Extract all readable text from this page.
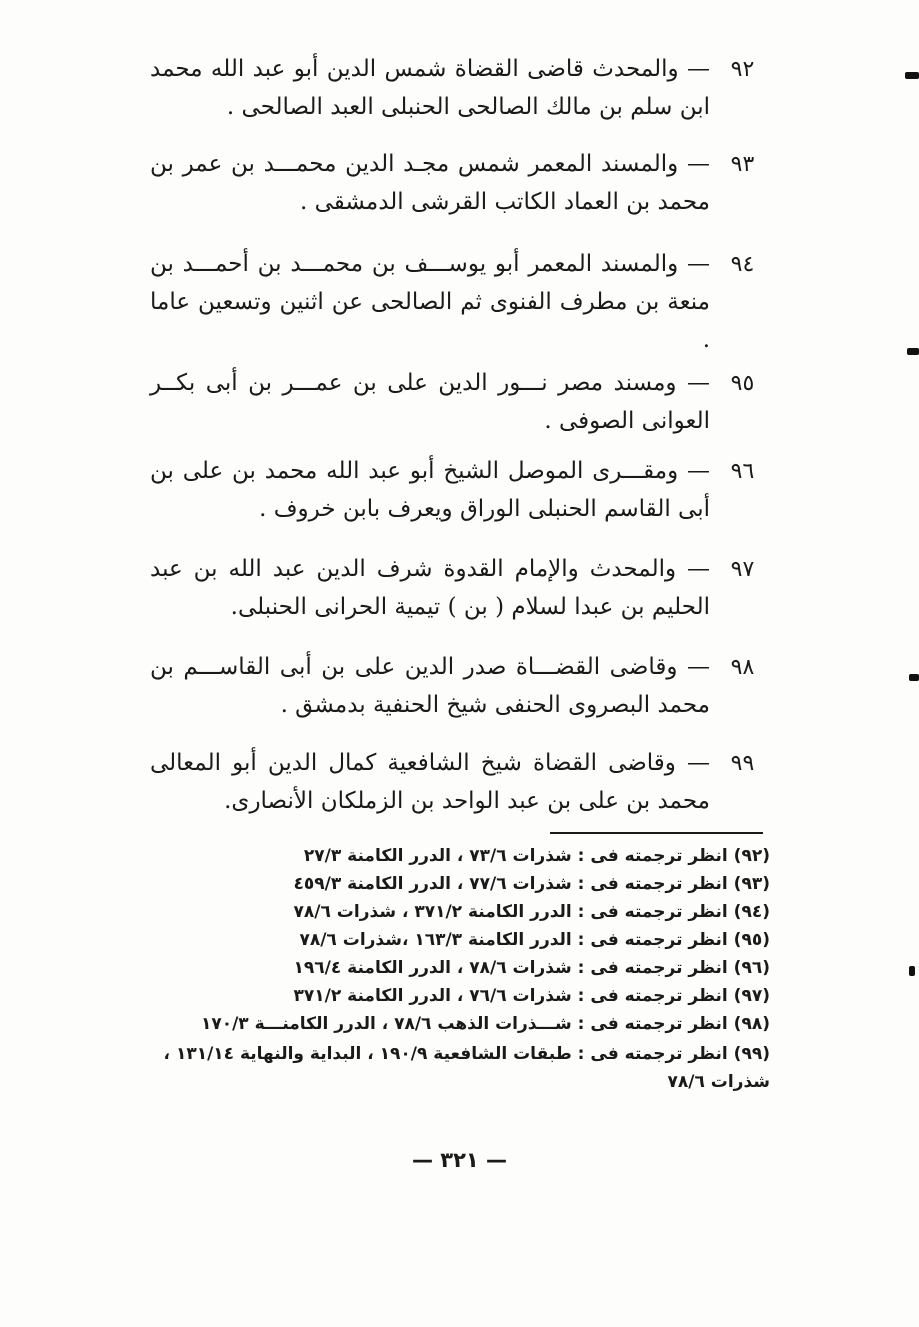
٩٢
— والمحدث قاضى القضاة شمس الدين أبو عبد الله محمد ابن سلم بن مالك الصالحى الحنبلى العبد الصالحى .
٩٣
— والمسند المعمر شمس مجـد الدين محمـــد بن عمر بن محمد بن العماد الكاتب القرشى الدمشقى .
٩٤
— والمسند المعمر أبو يوســـف بن محمـــد بن أحمـــد بن منعة بن مطرف الفنوى ثم الصالحى عن اثنين وتسعين عاما .
٩٥
— ومسند مصر نـــور الدين على بن عمـــر بن أبى بكــر العوانى الصوفى .
٩٦
— ومقـــرى الموصل الشيخ أبو عبد الله محمد بن على بن أبى القاسم الحنبلى الوراق ويعرف بابن خروف .
٩٧
— والمحدث والإمام القدوة شرف الدين عبد الله بن عبد الحليم بن عبدا لسلام ( بن ) تيمية الحرانى الحنبلى.
٩٨
— وقاضى القضـــاة صدر الدين على بن أبى القاســـم بن محمد البصروى الحنفى شيخ الحنفية بدمشق .
٩٩
— وقاضى القضاة شيخ الشافعية كمال الدين أبو المعالى محمد بن على بن عبد الواحد بن الزملكان الأنصارى.
(٩٢) انظر ترجمته فى : شذرات ٧٣/٦ ، الدرر الكامنة ٢٧/٣
(٩٣) انظر ترجمته فى : شذرات ٧٧/٦ ، الدرر الكامنة ٤٥٩/٣
(٩٤) انظر ترجمته فى : الدرر الكامنة ٣٧١/٢ ، شذرات ٧٨/٦
(٩٥) انظر ترجمته فى : الدرر الكامنة ١٦٣/٣ ،شذرات ٧٨/٦
(٩٦) انظر ترجمته فى : شذرات ٧٨/٦ ، الدرر الكامنة ١٩٦/٤
(٩٧) انظر ترجمته فى : شذرات ٧٦/٦ ، الدرر الكامنة ٣٧١/٢
(٩٨) انظر ترجمته فى : شـــذرات الذهب ٧٨/٦ ، الدرر الكامنـــة ١٧٠/٣
(٩٩) انظر ترجمته فى : طبقات الشافعية ١٩٠/٩ ، البداية والنهاية ١٣١/١٤ ، شذرات ٧٨/٦
— ٣٢١ —
